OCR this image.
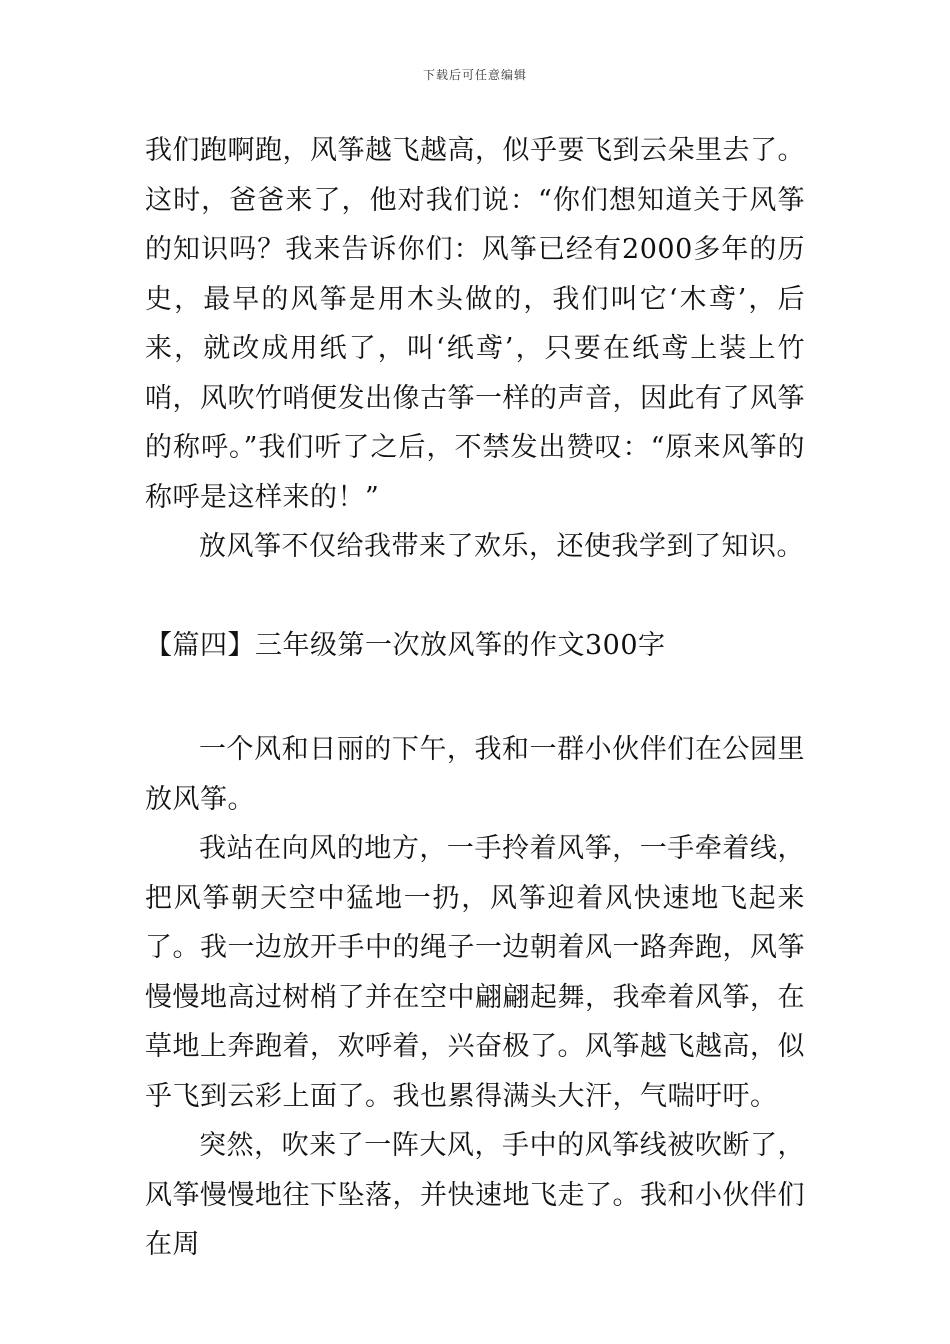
下载后可任意编辑

我们跑啊跑，风筝越飞越高，似乎要飞到云朵里去了。这时，爸爸来了，他对我们说：“你们想知道关于风筝的知识吗？我来告诉你们：风筝已经有2000多年的历史，最早的风筝是用木头做的，我们叫它‘木鸢’，后来，就改成用纸了，叫‘纸鸢’，只要在纸鸢上装上竹哨，风吹竹哨便发出像古筝一样的声音，因此有了风筝的称呼。”我们听了之后，不禁发出赞叹：“原来风筝的称呼是这样来的！”

放风筝不仅给我带来了欢乐，还使我学到了知识。

【篇四】三年级第一次放风筝的作文300字

一个风和日丽的下午，我和一群小伙伴们在公园里放风筝。

我站在向风的地方，一手拎着风筝，一手牵着线，把风筝朝天空中猛地一扔，风筝迎着风快速地飞起来了。我一边放开手中的绳子一边朝着风一路奔跑，风筝慢慢地高过树梢了并在空中翩翩起舞，我牵着风筝，在草地上奔跑着，欢呼着，兴奋极了。风筝越飞越高，似乎飞到云彩上面了。我也累得满头大汗，气喘吁吁。

突然，吹来了一阵大风，手中的风筝线被吹断了，风筝慢慢地往下坠落，并快速地飞走了。我和小伙伴们在周
